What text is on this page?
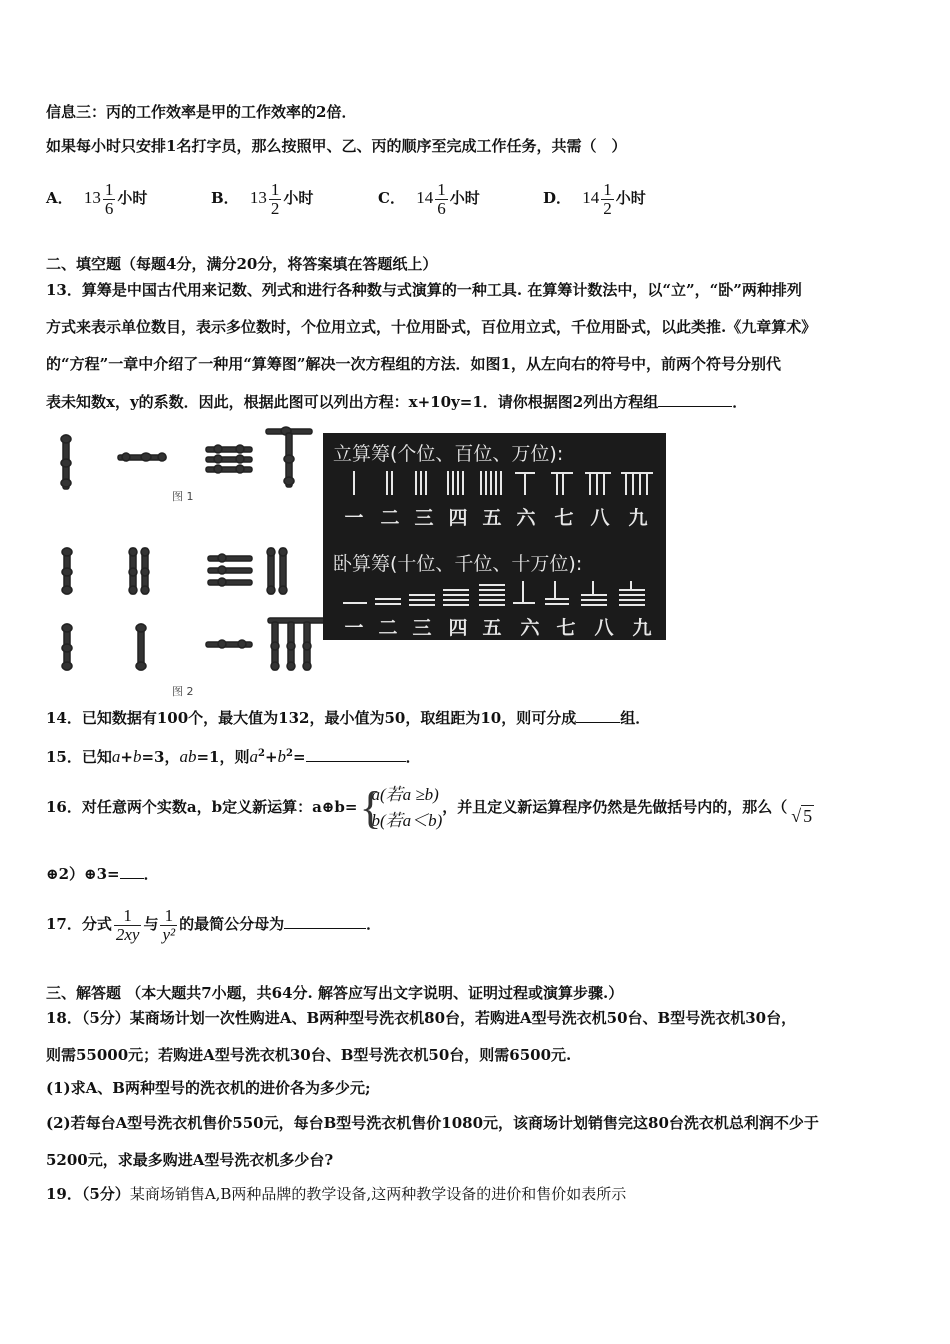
信息三：丙的工作效率是甲的工作效率的2倍．
如果每小时只安排1名打字员，那么按照甲、乙、丙的顺序至完成工作任务，共需（　）
A． $13 \frac{1}{6}$ 小时	B． $13 \frac{1}{2}$ 小时	C． $14 \frac{1}{6}$ 小时	D． $14 \frac{1}{2}$ 小时
二、填空题（每题4分，满分20分，将答案填在答题纸上）
13．算筹是中国古代用来记数、列式和进行各种数与式演算的一种工具. 在算筹计数法中，以“立”，“卧”两种排列
方式来表示单位数目，表示多位数时，个位用立式，十位用卧式，百位用立式，千位用卧式，以此类推.《九章算术》
的“方程”一章中介绍了一种用“算筹图”解决一次方程组的方法．如图1，从左向右的符号中，前两个符号分别代
表未知数x，y的系数．因此，根据此图可以列出方程：x+10y=1．请你根据图2列出方程组	．
图 1
图 2
立算筹(个位、百位、万位):
一 二 三 四 五 六 七 八 九
卧算筹(十位、千位、十万位):
一 二 三 四 五 六 七 八 九
14．已知数据有100个，最大值为132，最小值为50，取组距为10，则可分成	组．
15．已知a+b=3，ab=1，则$a^2+b^2=$	．
16．对任意两个实数a，b定义新运算：a⊕b= {
a(若a ≥b)
b(若a＜b)
，并且定义新运算程序仍然是先做括号内的，那么（ √ 5
⊕2）⊕3= ．
17．分式 $\frac{1}{2xy}$ 与 $\frac{1}{\text{y²}}$ 的最简公分母为	．
三、解答题 （本大题共7小题，共64分. 解答应写出文字说明、证明过程或演算步骤.）
18．（5分）某商场计划一次性购进A、B两种型号洗衣机80台，若购进A型号洗衣机50台、B型号洗衣机30台，
则需55000元；若购进A型号洗衣机30台、B型号洗衣机50台，则需6500元.
(1)求A、B两种型号的洗衣机的进价各为多少元;
(2)若每台A型号洗衣机售价550元，每台B型号洗衣机售价1080元，该商场计划销售完这80台洗衣机总利润不少于
5200元，求最多购进A型号洗衣机多少台?
19．（5分）某商场销售A,B两种品牌的教学设备,这两种教学设备的进价和售价如表所示
